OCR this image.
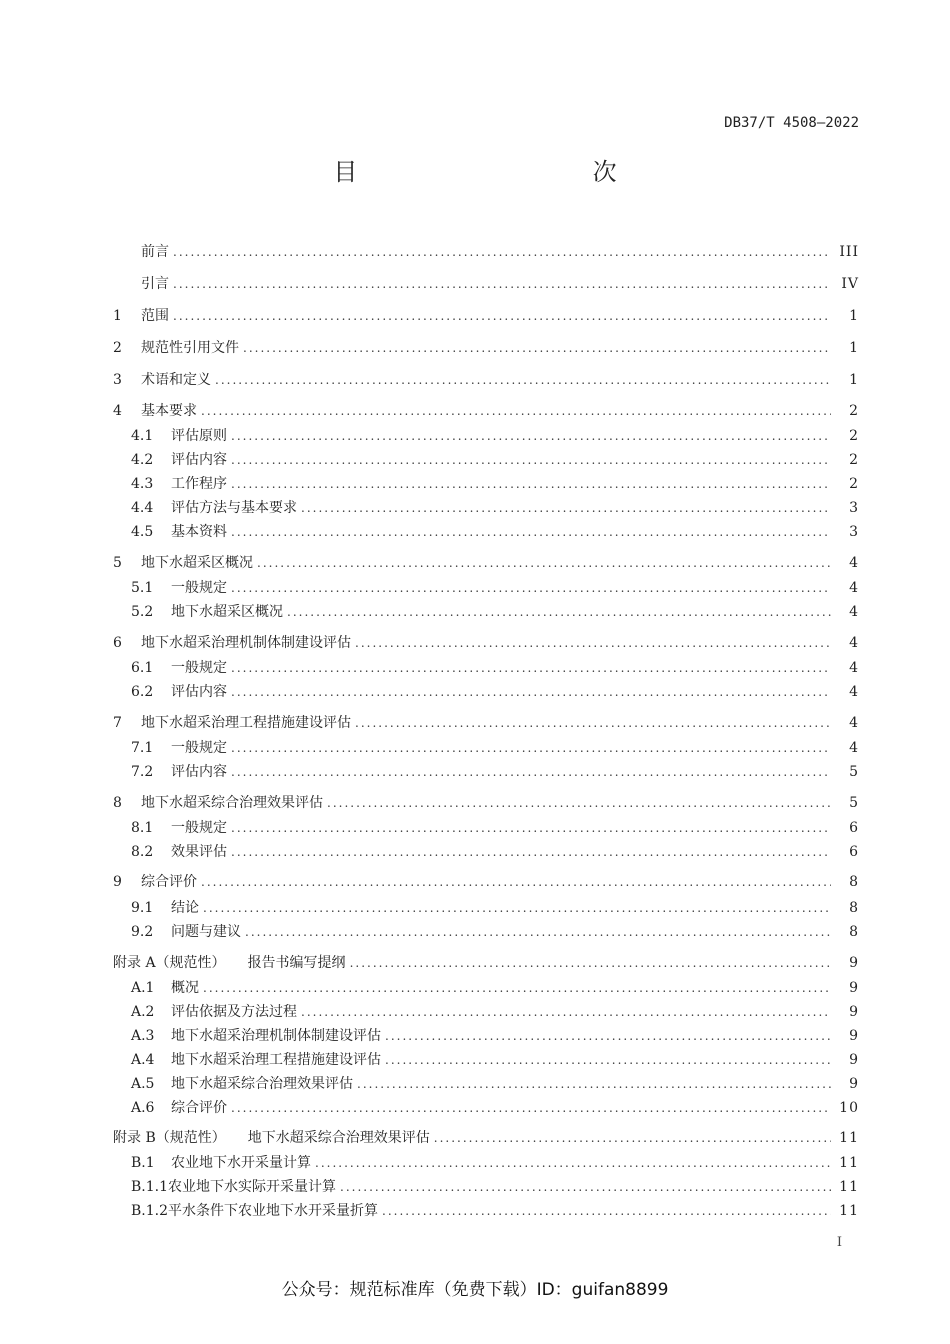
DB37/T 4508—2022
目　　次
前言 .....	III
引言 .....	IV
1	范围 .....	1
2	规范性引用文件 .....	1
3	术语和定义 .....	1
4	基本要求 .....	2
4.1	评估原则 .....	2
4.2	评估内容 .....	2
4.3	工作程序 .....	2
4.4	评估方法与基本要求 .....	3
4.5	基本资料 .....	3
5	地下水超采区概况 .....	4
5.1	一般规定 .....	4
5.2	地下水超采区概况 .....	4
6	地下水超采治理机制体制建设评估 .....	4
6.1	一般规定 .....	4
6.2	评估内容 .....	4
7	地下水超采治理工程措施建设评估 .....	4
7.1	一般规定 .....	4
7.2	评估内容 .....	5
8	地下水超采综合治理效果评估 .....	5
8.1	一般规定 .....	6
8.2	效果评估 .....	6
9	综合评价 .....	8
9.1	结论 .....	8
9.2	问题与建议 .....	8
附录 A（规范性） 报告书编写提纲 .....	9
A.1	概况 .....	9
A.2	评估依据及方法过程 .....	9
A.3	地下水超采治理机制体制建设评估 .....	9
A.4	地下水超采治理工程措施建设评估 .....	9
A.5	地下水超采综合治理效果评估 .....	9
A.6	综合评价 .....	10
附录 B（规范性） 地下水超采综合治理效果评估 .....	11
B.1	农业地下水开采量计算 .....	11
B.1.1 农业地下水实际开采量计算 .....	11
B.1.2 平水条件下农业地下水开采量折算 .....	11
I
公众号：规范标准库（免费下载）ID：guifan8899
